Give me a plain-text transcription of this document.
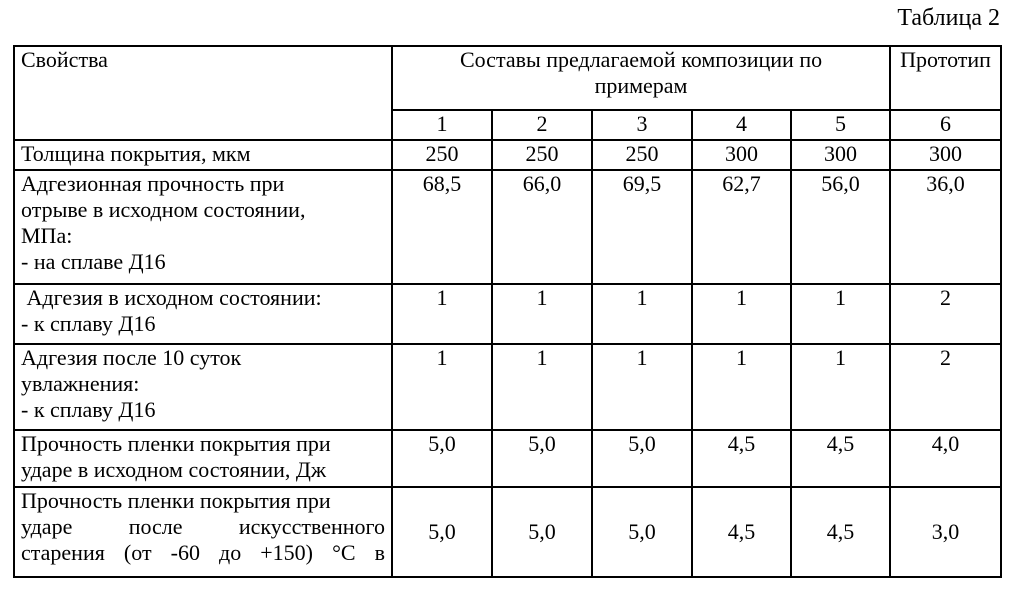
Таблица 2
Свойства	Составы предлагаемой композиции по
примерам					Прототип
	1	2	3	4	5	6

Толщина покрытия, мкм	250	250	250	300	300	300

Адгезионная прочность при
отрыве в исходном состоянии,
МПа:
- на сплаве Д16	68,5	66,0	69,5	62,7	56,0	36,0

Адгезия в исходном состоянии:
- к сплаву Д16	1	1	1	1	1	2

Адгезия после 10 суток
увлажнения:
- к сплаву Д16	1	1	1	1	1	2

Прочность пленки покрытия при
ударе в исходном состоянии, Дж	5,0	5,0	5,0	4,5	4,5	4,0

Прочность пленки покрытия при
ударе после искусственного
старения (от -60 до +150) °С в	5,0	5,0	5,0	4,5	4,5	3,0
